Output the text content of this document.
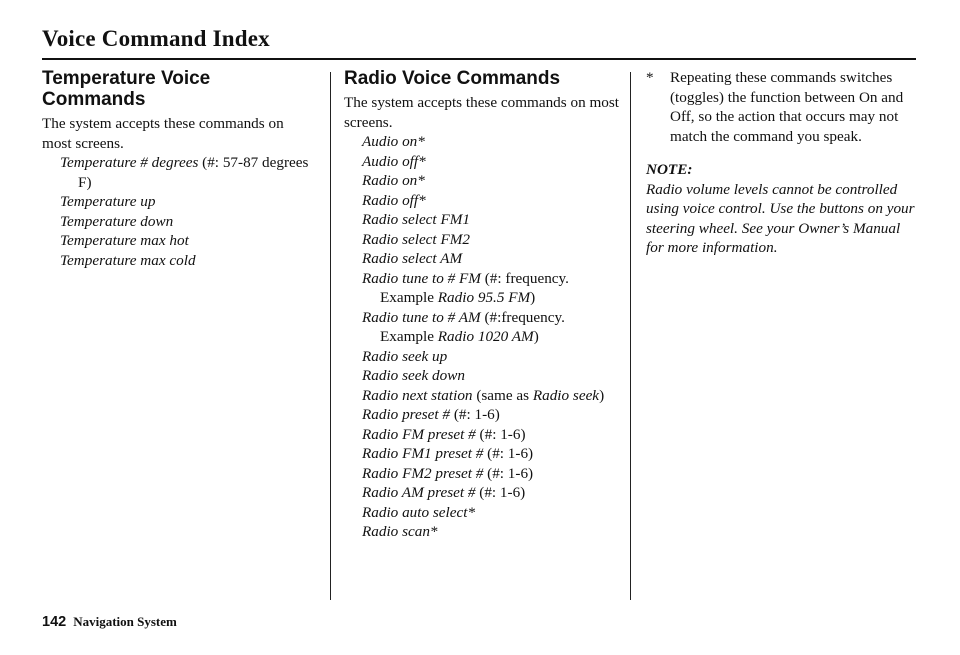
Voice Command Index
Temperature Voice Commands

The system accepts these commands on most screens.

Temperature # degrees (#: 57-87 degrees F)
Temperature up
Temperature down
Temperature max hot
Temperature max cold
Radio Voice Commands

The system accepts these commands on most screens.

Audio on*
Audio off*
Radio on*
Radio off*
Radio select FM1
Radio select FM2
Radio select AM
Radio tune to # FM (#: frequency. Example Radio 95.5 FM)
Radio tune to # AM (#:frequency. Example Radio 1020 AM)
Radio seek up
Radio seek down
Radio next station (same as Radio seek)
Radio preset # (#: 1-6)
Radio FM preset # (#: 1-6)
Radio FM1 preset # (#: 1-6)
Radio FM2 preset # (#: 1-6)
Radio AM preset # (#: 1-6)
Radio auto select*
Radio scan*
*	Repeating these commands switches (toggles) the function between On and Off, so the action that occurs may not match the command you speak.

NOTE:

Radio volume levels cannot be controlled using voice control. Use the buttons on your steering wheel. See your Owner’s Manual for more information.

142 Navigation System
